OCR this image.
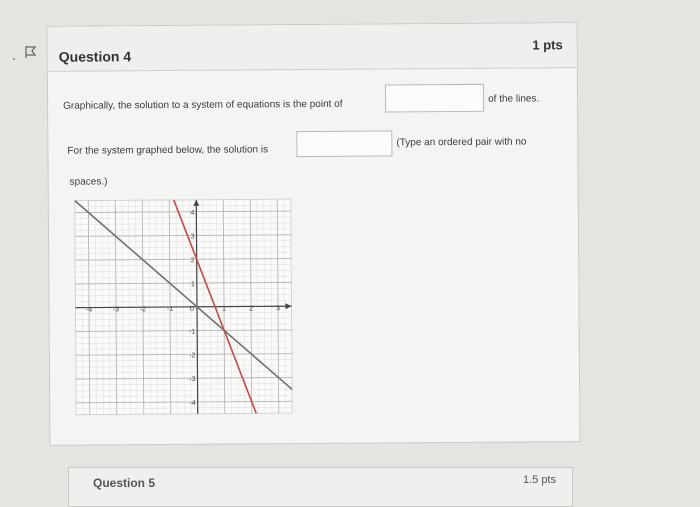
.	Question 4
1 pts
Graphically, the solution to a system of equations is the point of	of the lines.
For the system graphed below, the solution is
(Type an ordered pair with no
spaces.)
-4	-3	-2	-1 0	1	2	3
4
3
2
1
-1
-2
-3
-4
Question 5	1.5 pts
